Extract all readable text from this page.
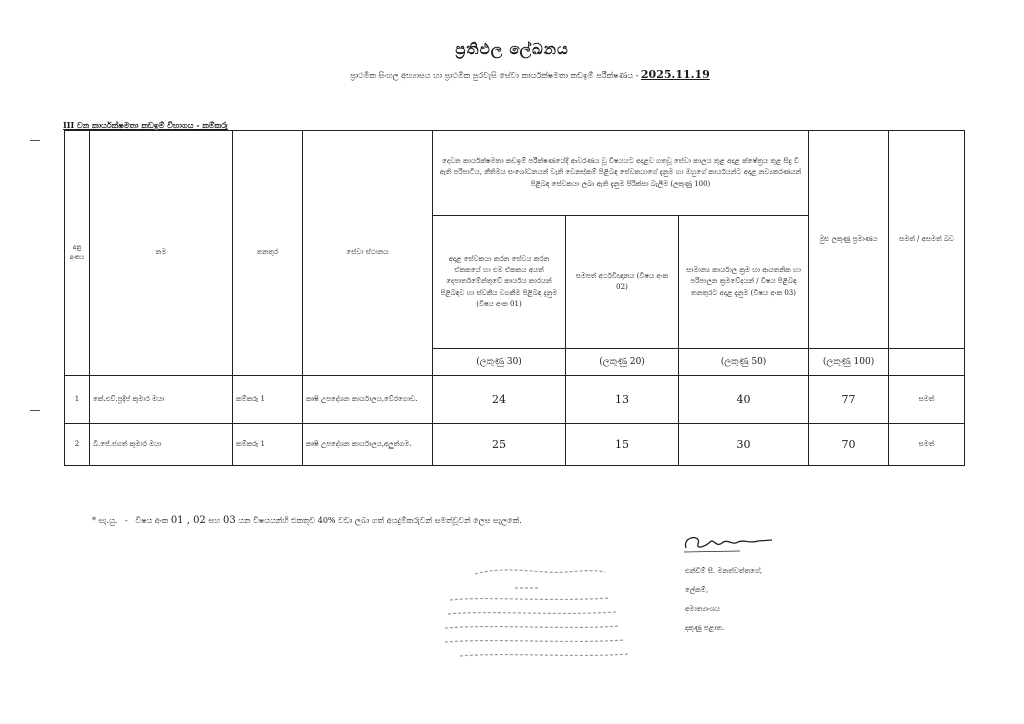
ප්‍රතිඵල ලේඛනය
ප්‍රාථමික සිංහල අභ්‍යාසය හා ප්‍රාථමික පුරවැසි සේවා කාර්යක්ෂමතා කඩඉම් පරීක්ෂණය - 2025.11.19
III වන කාර්යක්ෂමතා කඩඉම් විභාගය - කම්කරු
අනු අංකය	නම	තනතුර	සේවා ස්ථානය	දෙවන කාර්යක්ෂමතා කඩඉම් පරීක්ෂණයේදී ආවරණය වූ විෂයයට අදාළව ගතවූ සේවා කාලය තුළ අදාළ ක්ෂේත්‍රය තුළ සිදු වී ඇති පරිපාටිය, නීතිමය සංශෝධනයන් වැනි වෙනස්කම් පිළිබඳ සේවකයාගේ දැනුම හා ඔහුගේ කාර්යයන්ට අදාළ නව්‍යකරණයන් පිළිබඳ සේවකයා ලබා ඇති දැනුම පිරික්සා බැලීම (ලකුණු 100)			මුළු ලකුණු ප්‍රමාණය	සමත් / අසමත් බව
				අදාළ සේවකයා කරන සේවය කරන ඒකකයේ හා එම ඒකකය අයත් දෙපාර්තමේන්තුවේ කාර්යය කාරයන් පිළිබඳව හා ස්වකීය වගකීම පිළිබඳ දැනුම (විෂය අංක 01)	සමපත් අර්ථවිඥානය (විෂය අංක 02)	සාමාන්‍ය කාර්යාල ක්‍රම හා ආයතනික හා පරිපාලන ක්‍රමවේදයන් / විෂය පිළිබඳ තනතුරට අදාළ දැනුම (විෂය අංක 03)		
				(ලකුණු 30)	(ලකුණු 20)	(ලකුණු 50)	(ලකුණු 100)	
1	කේ.එච්.ප්‍රදීප් කුමාර මයා	කම්කරු 1	කෘෂි උපදේශන කාර්යාලය,වේරගොඩ.	24	13	40	77	සමත්
2	බී.ජේ.ජගත් කුමාර මයා	කම්කරු 1	කෘෂි උපදේශන කාර්යාලය,අලුත්ගම.	25	15	30	70	සමත්
* සැ.යු.   -   විෂය අංක 01 , 02 සහ 03 යන විෂයයන්හි එකතුව 40% වඩා ලබා ගත් අයදුම්කරුවන් සමත්වූවන් ලෙස සැලකේ.
එන්ඩීම් සී. මනත්වත්තගේ,
ලේකම්,
අමාත්‍යාංශය
දකුණු පළාත.
